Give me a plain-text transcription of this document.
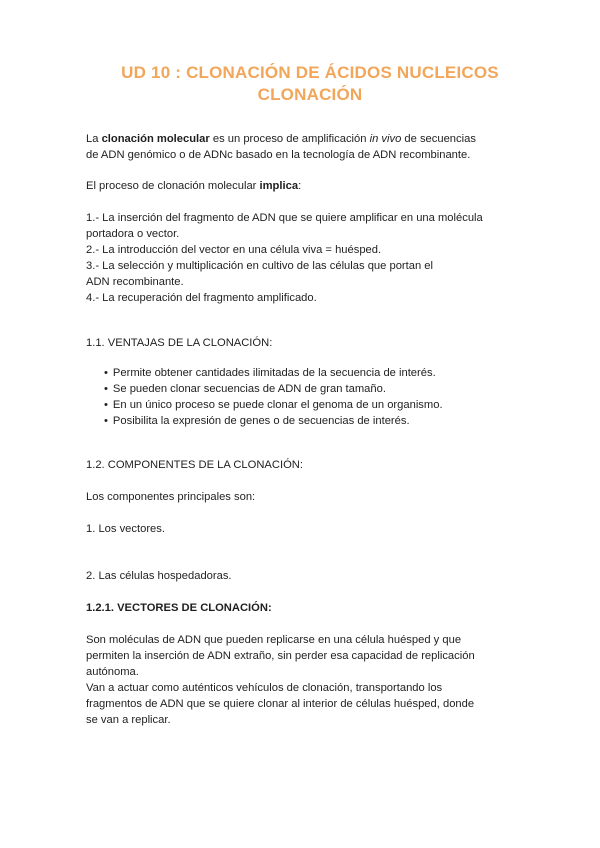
UD 10 : CLONACIÓN DE ÁCIDOS NUCLEICOS
CLONACIÓN
La clonación molecular es un proceso de amplificación in vivo de secuencias
de ADN genómico o de ADNc basado en la tecnología de ADN recombinante.
El proceso de clonación molecular implica:
1.- La inserción del fragmento de ADN que se quiere amplificar en una molécula
portadora o vector.
2.- La introducción del vector en una célula viva = huésped.
3.- La selección y multiplicación en cultivo de las células que portan el
ADN recombinante.
4.- La recuperación del fragmento amplificado.
1.1. VENTAJAS DE LA CLONACIÓN:
• Permite obtener cantidades ilimitadas de la secuencia de interés.
• Se pueden clonar secuencias de ADN de gran tamaño.
• En un único proceso se puede clonar el genoma de un organismo.
• Posibilita la expresión de genes o de secuencias de interés.
1.2. COMPONENTES DE LA CLONACIÓN:
Los componentes principales son:
1. Los vectores.
2. Las células hospedadoras.
1.2.1. VECTORES DE CLONACIÓN:
Son moléculas de ADN que pueden replicarse en una célula huésped y que
permiten la inserción de ADN extraño, sin perder esa capacidad de replicación
autónoma.
Van a actuar como auténticos vehículos de clonación, transportando los
fragmentos de ADN que se quiere clonar al interior de células huésped, donde
se van a replicar.
